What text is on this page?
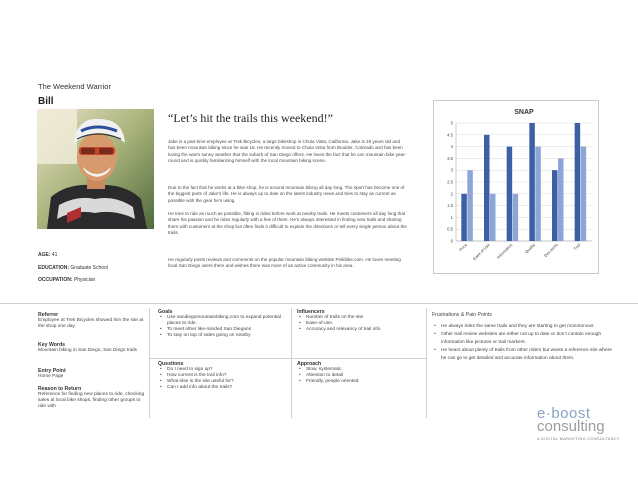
The Weekend Warrior
Bill
“Let’s hit the trails this weekend!”

Jake is a part-time employee at Trek Bicycles, a large bikeshop in Chula Vista, California. Jake is 26 years old and has been mountain biking since he was 18. He recently moved to Chula Vista from Boulder, Colorado and has been loving the warm sunny weather that the suburb of San Diego offers. He loves the fact that he can mountain bike year-round and is quickly familiarizing himself with the local mountain biking scene.

Due to the fact that he works at a bike shop, he is around mountain biking all day long. The sport has become one of the biggest parts of Jake’s life. He is always up to date on the latest industry news and tries to stay as current as possible with the gear he’s using.

He tries to ride as much as possible, fitting in rides before work at nearby trails. He meets customers all day long that share his passion and he rides regularly with a few of them. He’s always interested in finding new trails and sharing them with customers at the shop but often finds it difficult to explain the directions or tell every single person about the trails.

He regularly posts reviews and comments on the popular mountain biking website Pinkbike.com. He loves meeting local San Diego users there and wishes there was more of an active community in his area.

AGE: 41
EDUCATION: Graduate School
OCCUPATION: Physician
SNAP
0
0.5
1
1.5
2
2.5
3
3.5
4
4.5
5
Price Ease of Use Information	Quality Discounts	Trail
Referrer
Employee at Trek Bicycles showed him the site at the shop one day.
Key Words
Mountain biking in San Diego, San Diego trails
Entry Point
Home Page
Reason to Return
Reference for finding new places to ride, checking sales at local bike shops, finding other groups to ride with
Goals
• Use sandiegomountainbiking.com to expand potential places to ride.
• To meet other like-minded San Diegans
• To stay on top of sales going on nearby
Influencers
• Number of trails on the site
• Ease-of-use.
• Accuracy and relevancy of trail info
Questions
• Do I need to sign up?
• How current is the trail info?
• What else is the site useful for?
• Can I add info about the trails?
Approach
• Slow, systematic
• Attention to detail
• Friendly, people oriented
Frustrations & Pain Points
• He always rides the same trails and they are starting to get monotonous
• Other trail review websites are either not up to date or don’t contain enough information like pictures or trail markers.
• He hears about plenty of trails from other riders but wants a reference site where he can go to get detailed and accurate information about them.
e·boost
consulting
A DIGITAL MARKETING CONSULTANCY
